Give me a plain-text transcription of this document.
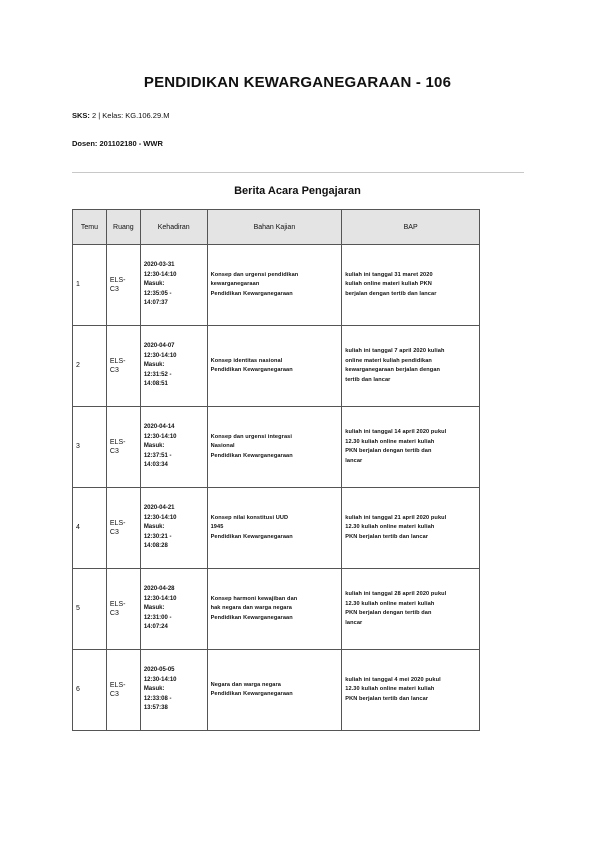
PENDIDIKAN KEWARGANEGARAAN - 106
SKS: 2 | Kelas: KG.106.29.M
Dosen: 201102180 - WWR
Berita Acara Pengajaran
Temu	Ruang	Kehadiran	Bahan Kajian	BAP
1	ELS-
C3	2020-03-31
12:30-14:10
Masuk:
12:35:05 -
14:07:37	Konsep dan urgensi pendidikan
kewarganegaraan
Pendidikan Kewarganegaraan	kuliah ini tanggal 31 maret 2020
kuliah online materi kuliah PKN
berjalan dengan tertib dan lancar

2	ELS-
C3	2020-04-07
12:30-14:10
Masuk:
12:31:52 -
14:08:51	Konsep identitas nasional
Pendidikan Kewarganegaraan	kuliah ini tanggal 7 april 2020 kuliah
online materi kuliah pendidikan
kewarganegaraan berjalan dengan
tertib dan lancar

3	ELS-
C3	2020-04-14
12:30-14:10
Masuk:
12:37:51 -
14:03:34	Konsep dan urgensi integrasi
Nasional
Pendidikan Kewarganegaraan	kuliah ini tanggal 14 april 2020 pukul
12.30 kuliah online materi kuliah
PKN berjalan dengan tertib dan
lancar

4	ELS-
C3	2020-04-21
12:30-14:10
Masuk:
12:30:21 -
14:08:28	Konsep nilai konstitusi UUD
1945
Pendidikan Kewarganegaraan	kuliah ini tanggal 21 april 2020 pukul
12.30 kuliah online materi kuliah
PKN berjalan tertib dan lancar

5	ELS-
C3	2020-04-28
12:30-14:10
Masuk:
12:31:00 -
14:07:24	Konsep harmoni kewajiban dan
hak negara dan warga negara
Pendidikan Kewarganegaraan	kuliah ini tanggal 28 april 2020 pukul
12.30 kuliah online materi kuliah
PKN berjalan dengan tertib dan
lancar

6	ELS-
C3	2020-05-05
12:30-14:10
Masuk:
12:33:08 -
13:57:38	Negara dan warga negara
Pendidikan Kewarganegaraan	kuliah ini tanggal 4 mei 2020 pukul
12.30 kuliah online materi kuliah
PKN berjalan tertib dan lancar
